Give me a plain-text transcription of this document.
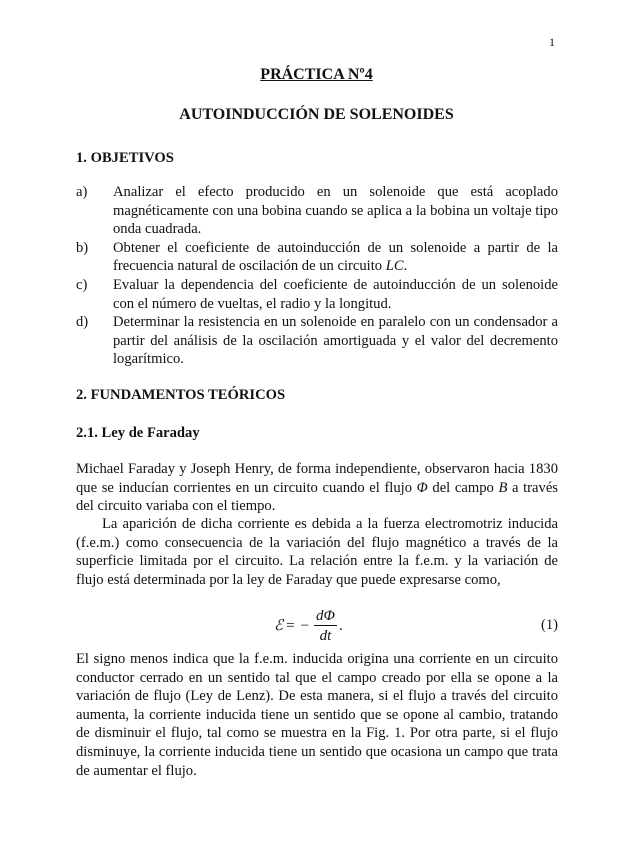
1
PRÁCTICA Nº4
AUTOINDUCCIÓN DE SOLENOIDES
1. OBJETIVOS
a)	Analizar el efecto producido en un solenoide que está acoplado magnéticamente con una bobina cuando se aplica a la bobina un voltaje tipo onda cuadrada.
b)	Obtener el coeficiente de autoinducción de un solenoide a partir de la frecuencia natural de oscilación de un circuito LC.
c)	Evaluar la dependencia del coeficiente de autoinducción de un solenoide con el número de vueltas, el radio y la longitud.
d)	Determinar la resistencia en un solenoide en paralelo con un condensador a partir del análisis de la oscilación amortiguada y el valor del decremento logarítmico.
2. FUNDAMENTOS TEÓRICOS
2.1. Ley de Faraday

Michael Faraday y Joseph Henry, de forma independiente, observaron hacia 1830 que se inducían corrientes en un circuito cuando el flujo Φ del campo B a través del circuito variaba con el tiempo.

La aparición de dicha corriente es debida a la fuerza electromotriz inducida (f.e.m.) como consecuencia de la variación del flujo magnético a través de la superficie limitada por el circuito. La relación entre la f.e.m. y la variación de flujo está determinada por la ley de Faraday que puede expresarse como,

ℰ = − $\frac{d\Phi}{dt}$ .	(1)

El signo menos indica que la f.e.m. inducida origina una corriente en un circuito conductor cerrado en un sentido tal que el campo creado por ella se opone a la variación de flujo (Ley de Lenz). De esta manera, si el flujo a través del circuito aumenta, la corriente inducida tiene un sentido que se opone al cambio, tratando de disminuir el flujo, tal como se muestra en la Fig. 1. Por otra parte, si el flujo disminuye, la corriente inducida tiene un sentido que ocasiona un campo que trata de aumentar el flujo.
